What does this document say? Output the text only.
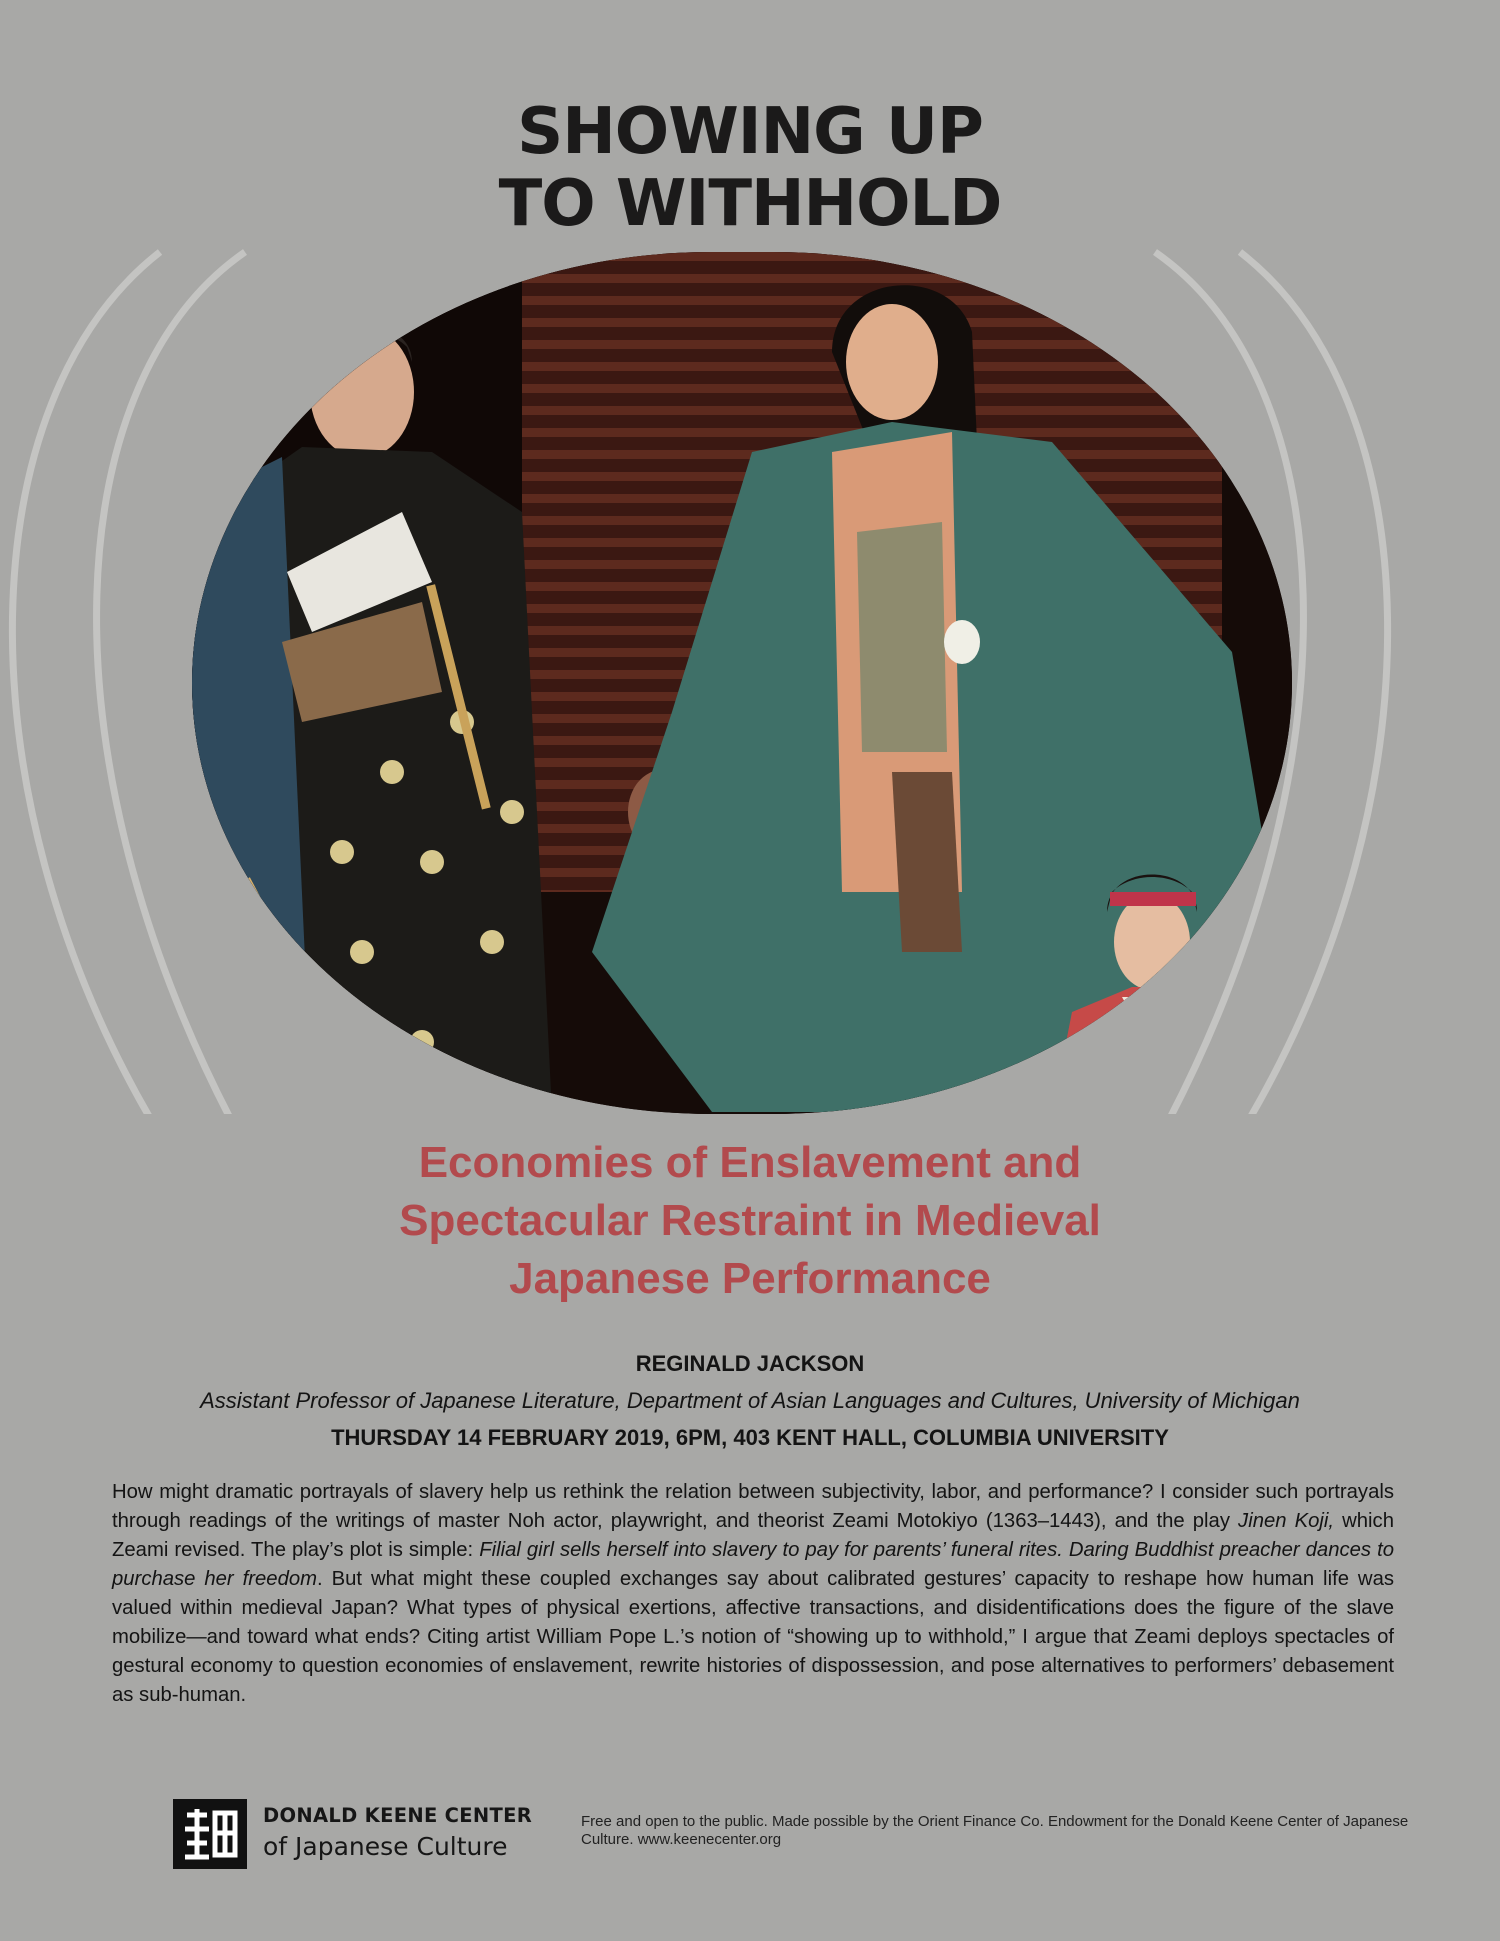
SHOWING UP
TO WITHHOLD
Economies of Enslavement and
Spectacular Restraint in Medieval
Japanese Performance
REGINALD JACKSON
Assistant Professor of Japanese Literature, Department of Asian Languages and Cultures, University of Michigan
THURSDAY 14 FEBRUARY 2019, 6PM, 403 KENT HALL, COLUMBIA UNIVERSITY

How might dramatic portrayals of slavery help us rethink the relation between subjectivity, labor, and performance? I consider such portrayals through readings of the writings of master Noh actor, playwright, and theorist Zeami Motokiyo (1363–1443), and the play Jinen Koji, which Zeami revised. The play’s plot is simple: Filial girl sells herself into slavery to pay for parents’ funeral rites. Daring Buddhist preacher dances to purchase her freedom. But what might these coupled exchanges say about calibrated gestures’ capacity to reshape how human life was valued within medieval Japan? What types of physical exertions, affective transactions, and disidentifications does the figure of the slave mobilize—and toward what ends? Citing artist William Pope L.’s notion of “showing up to withhold,” I argue that Zeami deploys spectacles of gestural economy to question economies of enslavement, rewrite histories of dispossession, and pose alternatives to performers’ debasement as sub-human.

DONALD KEENE CENTER
of Japanese Culture

Free and open to the public. Made possible by the Orient Finance Co. Endowment for the Donald Keene Center of Japanese Culture. www.keenecenter.org
